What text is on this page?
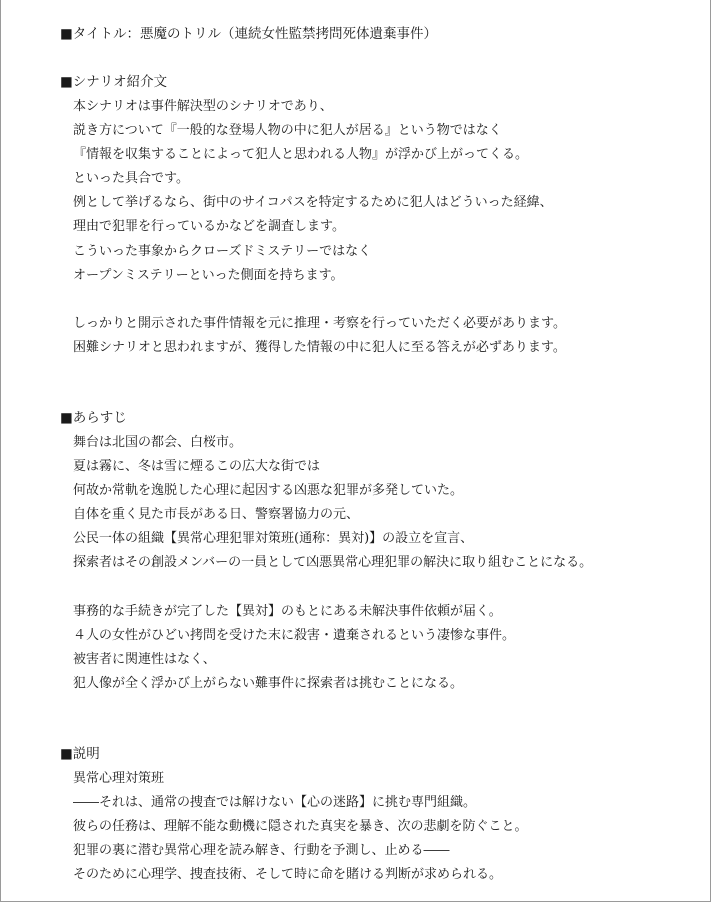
■タイトル：悪魔のトリル（連続女性監禁拷問死体遺棄事件）
■シナリオ紹介文
本シナリオは事件解決型のシナリオであり、
説き方について『一般的な登場人物の中に犯人が居る』という物ではなく
『情報を収集することによって犯人と思われる人物』が浮かび上がってくる。
といった具合です。
例として挙げるなら、街中のサイコパスを特定するために犯人はどういった経緯、
理由で犯罪を行っているかなどを調査します。
こういった事象からクローズドミステリーではなく
オープンミステリーといった側面を持ちます。
しっかりと開示された事件情報を元に推理・考察を行っていただく必要があります。
困難シナリオと思われますが、獲得した情報の中に犯人に至る答えが必ずあります。
■あらすじ
舞台は北国の都会、白桜市。
夏は霧に、冬は雪に煙るこの広大な街では
何故か常軌を逸脱した心理に起因する凶悪な犯罪が多発していた。
自体を重く見た市長がある日、警察署協力の元、
公民一体の組織【異常心理犯罪対策班(通称：異対)】の設立を宣言、
探索者はその創設メンバーの一員として凶悪異常心理犯罪の解決に取り組むことになる。
事務的な手続きが完了した【異対】のもとにある未解決事件依頼が届く。
４人の女性がひどい拷問を受けた末に殺害・遺棄されるという凄惨な事件。
被害者に関連性はなく、
犯人像が全く浮かび上がらない難事件に探索者は挑むことになる。
■説明
異常心理対策班
――それは、通常の捜査では解けない【心の迷路】に挑む専門組織。
彼らの任務は、理解不能な動機に隠された真実を暴き、次の悲劇を防ぐこと。
犯罪の裏に潜む異常心理を読み解き、行動を予測し、止める――
そのために心理学、捜査技術、そして時に命を賭ける判断が求められる。
